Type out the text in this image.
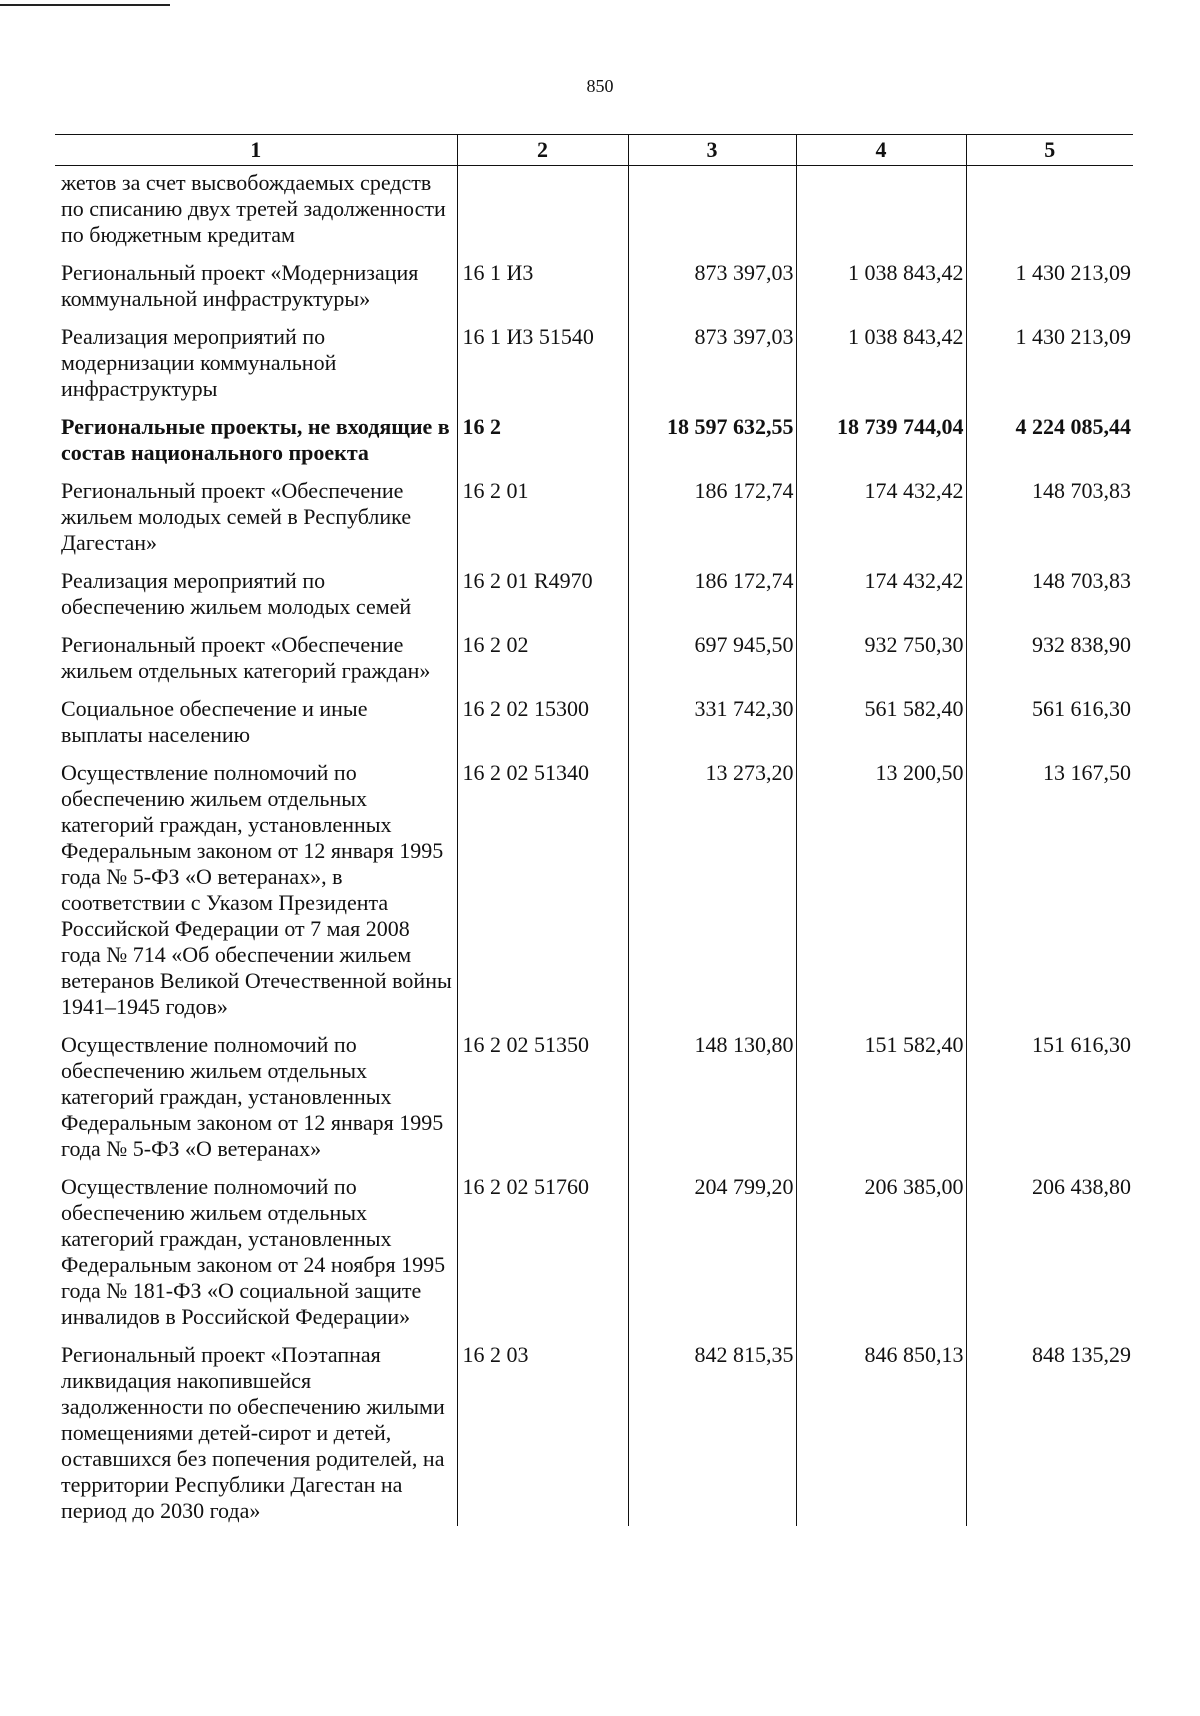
850
1	2	3	4	5
жетов за счет высвобождаемых средств по списанию двух третей задолженности по бюджетным кредитам				
Региональный проект «Модернизация коммунальной инфраструктуры»	16 1 И3	873 397,03	1 038 843,42	1 430 213,09
Реализация мероприятий по модернизации коммунальной инфраструктуры	16 1 И3 51540	873 397,03	1 038 843,42	1 430 213,09
Региональные проекты, не входящие в состав национального проекта	16 2	18 597 632,55	18 739 744,04	4 224 085,44
Региональный проект «Обеспечение жильем молодых семей в Республике Дагестан»	16 2 01	186 172,74	174 432,42	148 703,83
Реализация мероприятий по обеспечению жильем молодых семей	16 2 01 R4970	186 172,74	174 432,42	148 703,83
Региональный проект «Обеспечение жильем отдельных категорий граждан»	16 2 02	697 945,50	932 750,30	932 838,90
Социальное обеспечение и иные выплаты населению	16 2 02 15300	331 742,30	561 582,40	561 616,30
Осуществление полномочий по обеспечению жильем отдельных категорий граждан, установленных Федеральным законом от 12 января 1995 года № 5-ФЗ «О ветеранах», в соответствии с Указом Президента Российской Федерации от 7 мая 2008 года № 714 «Об обеспечении жильем ветеранов Великой Отечественной войны 1941–1945 годов»	16 2 02 51340	13 273,20	13 200,50	13 167,50
Осуществление полномочий по обеспечению жильем отдельных категорий граждан, установленных Федеральным законом от 12 января 1995 года № 5-ФЗ «О ветеранах»	16 2 02 51350	148 130,80	151 582,40	151 616,30
Осуществление полномочий по обеспечению жильем отдельных категорий граждан, установленных Федеральным законом от 24 ноября 1995 года № 181-ФЗ «О социальной защите инвалидов в Российской Федерации»	16 2 02 51760	204 799,20	206 385,00	206 438,80
Региональный проект «Поэтапная ликвидация накопившейся задолженности по обеспечению жилыми помещениями детей-сирот и детей, оставшихся без попечения родителей, на территории Республики Дагестан на период до 2030 года»	16 2 03	842 815,35	846 850,13	848 135,29
